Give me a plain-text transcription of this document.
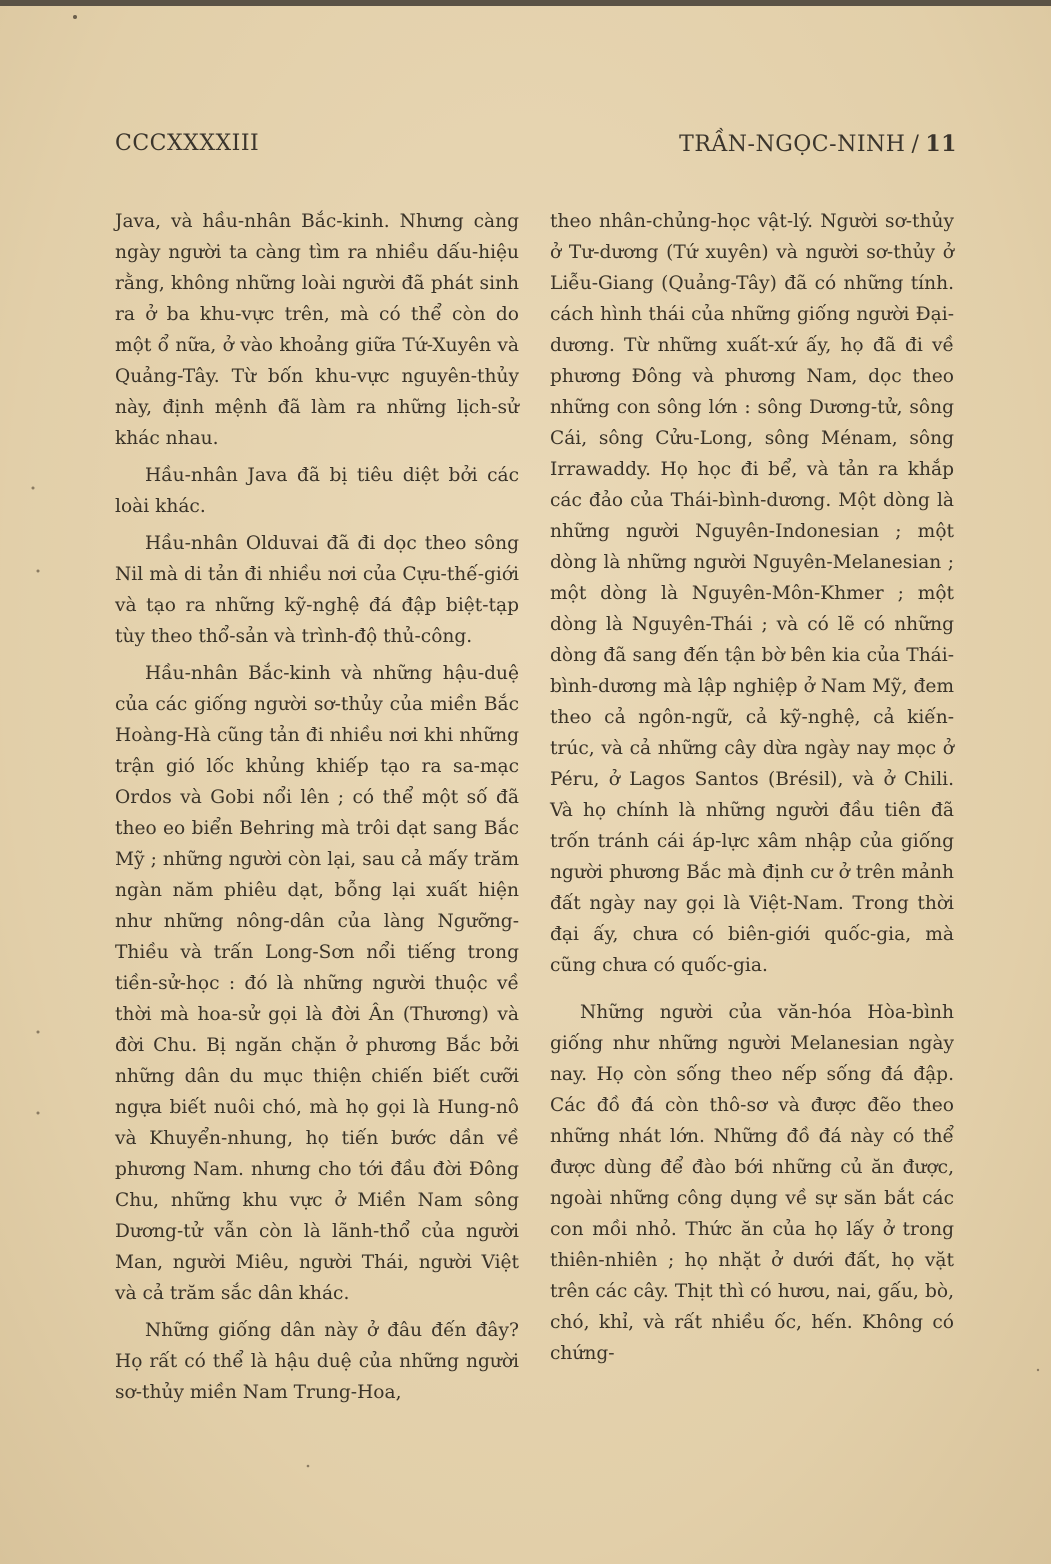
CCCXXXXIII	TRẦN-NGỌC-NINH / 11

Java, và hầu-nhân Bắc-kinh. Nhưng càng ngày người ta càng tìm ra nhiều dấu-hiệu rằng, không những loài người đã phát sinh ra ở ba khu-vực trên, mà có thể còn do một ổ nữa, ở vào khoảng giữa Tứ-Xuyên và Quảng-Tây. Từ bốn khu-vực nguyên-thủy này, định mệnh đã làm ra những lịch-sử khác nhau.

Hầu-nhân Java đã bị tiêu diệt bởi các loài khác.

Hầu-nhân Olduvai đã đi dọc theo sông Nil mà di tản đi nhiều nơi của Cựu-thế-giới và tạo ra những kỹ-nghệ đá đập biệt-tạp tùy theo thổ-sản và trình-độ thủ-công.

Hầu-nhân Bắc-kinh và những hậu-duệ của các giống người sơ-thủy của miền Bắc Hoàng-Hà cũng tản đi nhiều nơi khi những trận gió lốc khủng khiếp tạo ra sa-mạc Ordos và Gobi nổi lên ; có thể một số đã theo eo biển Behring mà trôi dạt sang Bắc Mỹ ; những người còn lại, sau cả mấy trăm ngàn năm phiêu dạt, bỗng lại xuất hiện như những nông-dân của làng Ngưỡng-Thiều và trấn Long-Sơn nổi tiếng trong tiền-sử-học : đó là những người thuộc về thời mà hoa-sử gọi là đời Ân (Thương) và đời Chu. Bị ngăn chặn ở phương Bắc bởi những dân du mục thiện chiến biết cưỡi ngựa biết nuôi chó, mà họ gọi là Hung-nô và Khuyển-nhung, họ tiến bước dần về phương Nam. nhưng cho tới đầu đời Đông Chu, những khu vực ở Miền Nam sông Dương-tử vẫn còn là lãnh-thổ của người Man, người Miêu, người Thái, người Việt và cả trăm sắc dân khác.

Những giống dân này ở đâu đến đây? Họ rất có thể là hậu duệ của những người sơ-thủy miền Nam Trung-Hoa,

theo nhân-chủng-học vật-lý. Người sơ-thủy ở Tư-dương (Tứ xuyên) và người sơ-thủy ở Liễu-Giang (Quảng-Tây) đã có những tính. cách hình thái của những giống người Đại-dương. Từ những xuất-xứ ấy, họ đã đi về phương Đông và phương Nam, dọc theo những con sông lớn : sông Dương-tử, sông Cái, sông Cửu-Long, sông Ménam, sông Irrawaddy. Họ học đi bể, và tản ra khắp các đảo của Thái-bình-dương. Một dòng là những người Nguyên-Indonesian ; một dòng là những người Nguyên-Melanesian ; một dòng là Nguyên-Môn-Khmer ; một dòng là Nguyên-Thái ; và có lẽ có những dòng đã sang đến tận bờ bên kia của Thái-bình-dương mà lập nghiệp ở Nam Mỹ, đem theo cả ngôn-ngữ, cả kỹ-nghệ, cả kiến-trúc, và cả những cây dừa ngày nay mọc ở Péru, ở Lagos Santos (Brésil), và ở Chili. Và họ chính là những người đầu tiên đã trốn tránh cái áp-lực xâm nhập của giống người phương Bắc mà định cư ở trên mảnh đất ngày nay gọi là Việt-Nam. Trong thời đại ấy, chưa có biên-giới quốc-gia, mà cũng chưa có quốc-gia.

Những người của văn-hóa Hòa-bình giống như những người Melanesian ngày nay. Họ còn sống theo nếp sống đá đập. Các đồ đá còn thô-sơ và được đẽo theo những nhát lớn. Những đồ đá này có thể được dùng để đào bới những củ ăn được, ngoài những công dụng về sự săn bắt các con mồi nhỏ. Thức ăn của họ lấy ở trong thiên-nhiên ; họ nhặt ở dưới đất, họ vặt trên các cây. Thịt thì có hươu, nai, gấu, bò, chó, khỉ, và rất nhiều ốc, hến. Không có chứng-
